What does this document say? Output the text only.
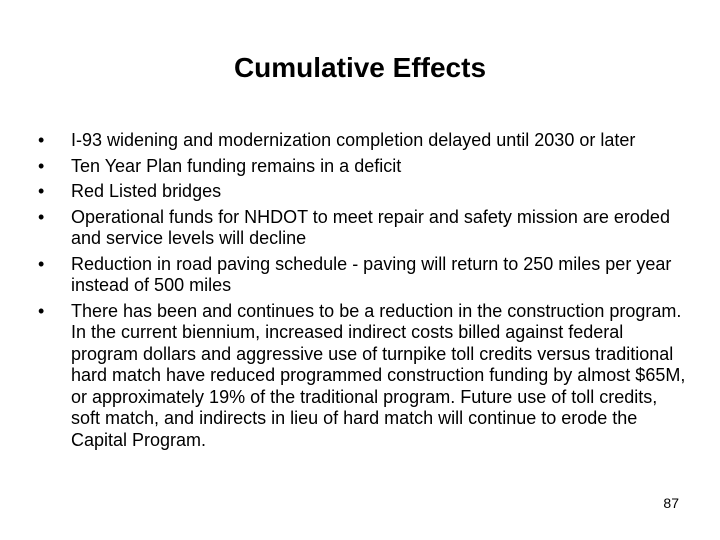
Cumulative Effects
• I-93 widening and modernization completion delayed until 2030 or later
• Ten Year Plan funding remains in a deficit
• Red Listed bridges
• Operational funds for NHDOT to meet repair and safety mission are eroded and service levels will decline
• Reduction in road paving schedule - paving will return to 250 miles per year instead of 500 miles
• There has been and continues to be a reduction in the construction program. In the current biennium, increased indirect costs billed against federal program dollars and aggressive use of turnpike toll credits versus traditional hard match have reduced programmed construction funding by almost $65M, or approximately 19% of the traditional program. Future use of toll credits, soft match, and indirects in lieu of hard match will continue to erode the Capital Program.
87
